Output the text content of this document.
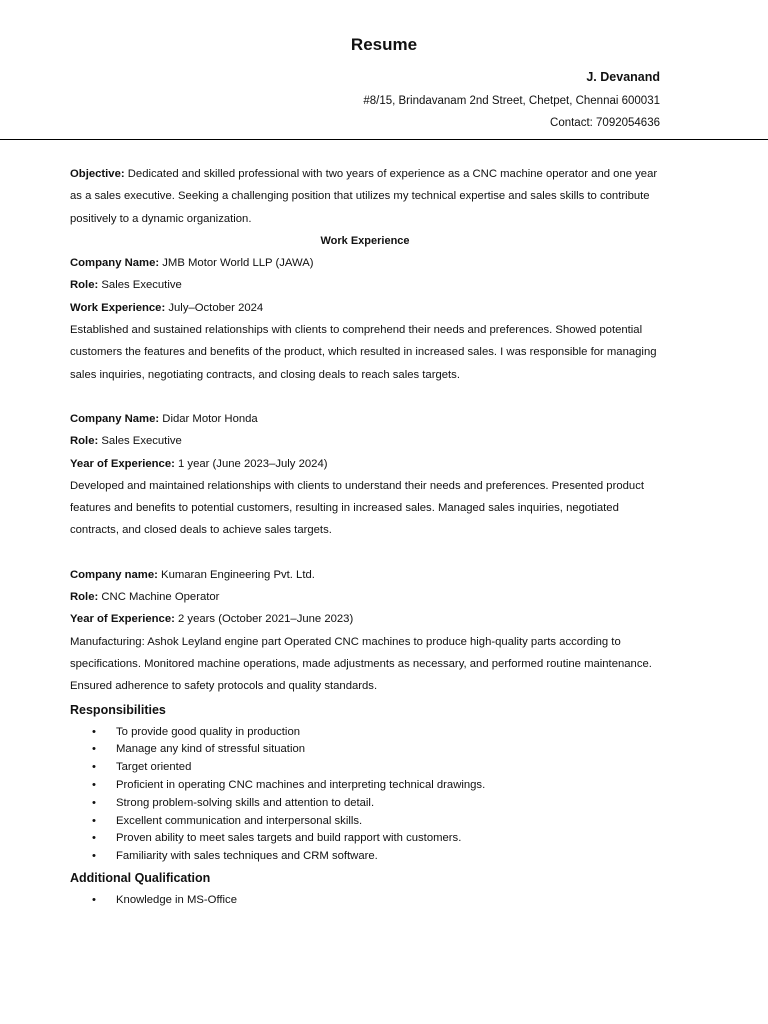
Resume
J. Devanand
#8/15, Brindavanam 2nd Street, Chetpet, Chennai 600031
Contact: 7092054636

Objective: Dedicated and skilled professional with two years of experience as a CNC machine operator and one year as a sales executive. Seeking a challenging position that utilizes my technical expertise and sales skills to contribute positively to a dynamic organization.

Work Experience

Company Name: JMB Motor World LLP (JAWA)

Role: Sales Executive

Work Experience: July–October 2024

Established and sustained relationships with clients to comprehend their needs and preferences. Showed potential customers the features and benefits of the product, which resulted in increased sales. I was responsible for managing sales inquiries, negotiating contracts, and closing deals to reach sales targets.

Company Name: Didar Motor Honda

Role: Sales Executive

Year of Experience: 1 year (June 2023–July 2024)

Developed and maintained relationships with clients to understand their needs and preferences. Presented product features and benefits to potential customers, resulting in increased sales. Managed sales inquiries, negotiated contracts, and closed deals to achieve sales targets.

Company name: Kumaran Engineering Pvt. Ltd.

Role: CNC Machine Operator

Year of Experience: 2 years (October 2021–June 2023)

Manufacturing: Ashok Leyland engine part Operated CNC machines to produce high-quality parts according to specifications. Monitored machine operations, made adjustments as necessary, and performed routine maintenance. Ensured adherence to safety protocols and quality standards.

Responsibilities

• To provide good quality in production
• Manage any kind of stressful situation
• Target oriented
• Proficient in operating CNC machines and interpreting technical drawings.
• Strong problem-solving skills and attention to detail.
• Excellent communication and interpersonal skills.
• Proven ability to meet sales targets and build rapport with customers.
• Familiarity with sales techniques and CRM software.

Additional Qualification

• Knowledge in MS-Office
